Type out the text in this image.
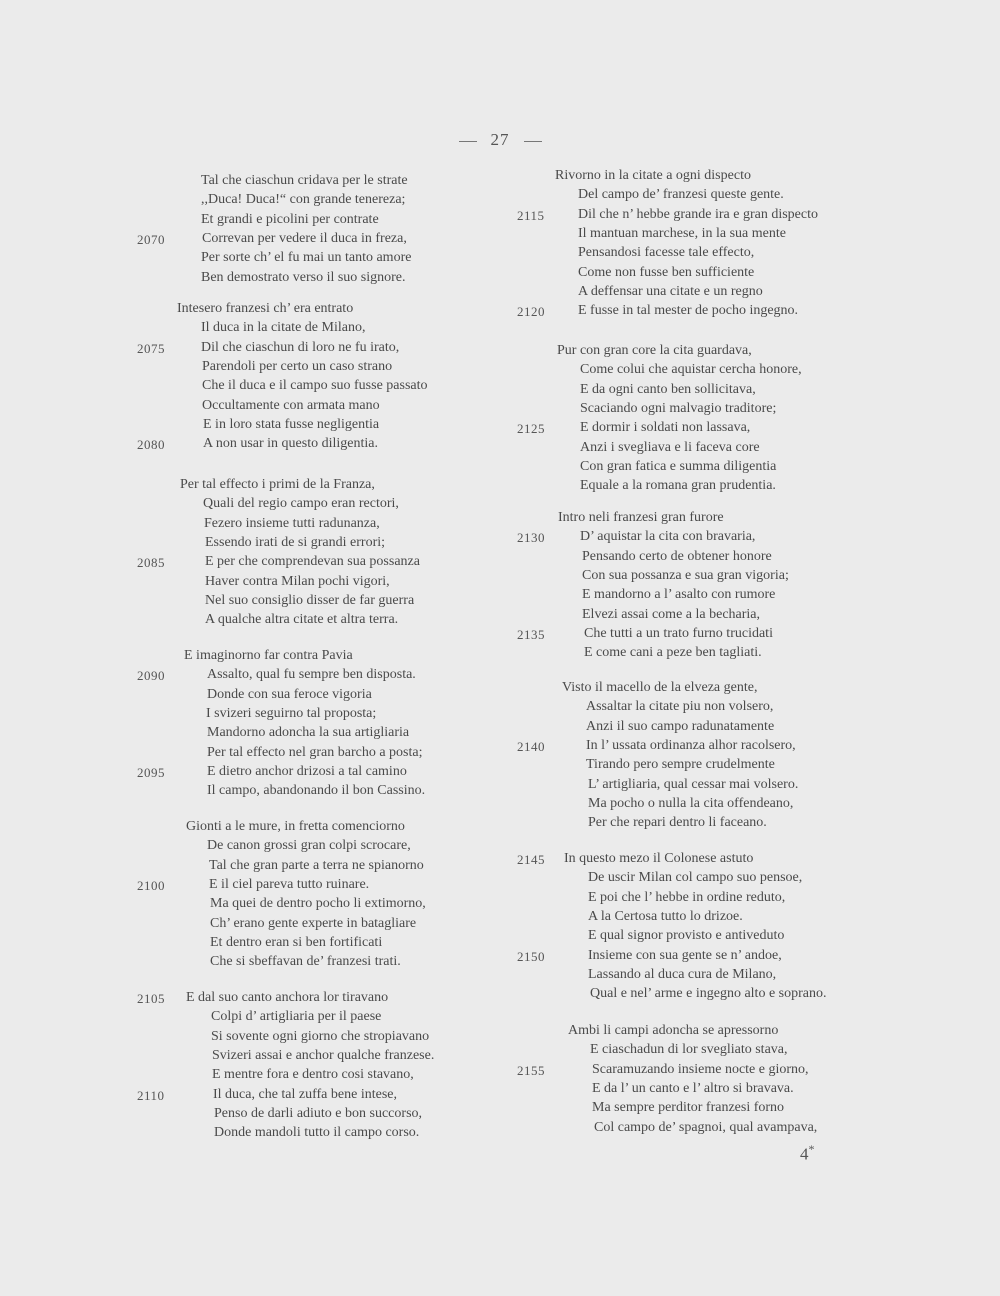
27
Tal che ciaschun cridava per le strate
,,Duca! Duca!“ con grande tenereza;
Et grandi e picolini per contrate
Correvan per vedere il duca in freza,
Per sorte ch’ el fu mai un tanto amore
Ben demostrato verso il suo signore.
Intesero franzesi ch’ era entrato
Il duca in la citate de Milano,
Dil che ciaschun di loro ne fu irato,
Parendoli per certo un caso strano
Che il duca e il campo suo fusse passato
Occultamente con armata mano
E in loro stata fusse negligentia
A non usar in questo diligentia.
Per tal effecto i primi de la Franza,
Quali del regio campo eran rectori,
Fezero insieme tutti radunanza,
Essendo irati de si grandi errori;
E per che comprendevan sua possanza
Haver contra Milan pochi vigori,
Nel suo consiglio disser de far guerra
A qualche altra citate et altra terra.
E imaginorno far contra Pavia
Assalto, qual fu sempre ben disposta.
Donde con sua feroce vigoria
I svizeri seguirno tal proposta;
Mandorno adoncha la sua artigliaria
Per tal effecto nel gran barcho a posta;
E dietro anchor drizosi a tal camino
Il campo, abandonando il bon Cassino.
Gionti a le mure, in fretta comenciorno
De canon grossi gran colpi scrocare,
Tal che gran parte a terra ne spianorno
E il ciel pareva tutto ruinare.
Ma quei de dentro pocho li extimorno,
Ch’ erano gente experte in batagliare
Et dentro eran si ben fortificati
Che si sbeffavan de’ franzesi trati.
E dal suo canto anchora lor tiravano
Colpi d’ artigliaria per il paese
Si sovente ogni giorno che stropiavano
Svizeri assai e anchor qualche franzese.
E mentre fora e dentro cosi stavano,
Il duca, che tal zuffa bene intese,
Penso de darli adiuto e bon succorso,
Donde mandoli tutto il campo corso.
2070
2075
2080
2085
2090
2095
2100
2105
2110
Rivorno in la citate a ogni dispecto
Del campo de’ franzesi queste gente.
Dil che n’ hebbe grande ira e gran dispecto
Il mantuan marchese, in la sua mente
Pensandosi facesse tale effecto,
Come non fusse ben sufficiente
A deffensar una citate e un regno
E fusse in tal mester de pocho ingegno.
Pur con gran core la cita guardava,
Come colui che aquistar cercha honore,
E da ogni canto ben sollicitava,
Scaciando ogni malvagio traditore;
E dormir i soldati non lassava,
Anzi i svegliava e li faceva core
Con gran fatica e summa diligentia
Equale a la romana gran prudentia.
Intro neli franzesi gran furore
D’ aquistar la cita con bravaria,
Pensando certo de obtener honore
Con sua possanza e sua gran vigoria;
E mandorno a l’ asalto con rumore
Elvezi assai come a la becharia,
Che tutti a un trato furno trucidati
E come cani a peze ben tagliati.
Visto il macello de la elveza gente,
Assaltar la citate piu non volsero,
Anzi il suo campo radunatamente
In l’ ussata ordinanza alhor racolsero,
Tirando pero sempre crudelmente
L’ artigliaria, qual cessar mai volsero.
Ma pocho o nulla la cita offendeano,
Per che repari dentro li faceano.
In questo mezo il Colonese astuto
De uscir Milan col campo suo pensoe,
E poi che l’ hebbe in ordine reduto,
A la Certosa tutto lo drizoe.
E qual signor provisto e antiveduto
Insieme con sua gente se n’ andoe,
Lassando al duca cura de Milano,
Qual e nel’ arme e ingegno alto e soprano.
Ambi li campi adoncha se apressorno
E ciaschadun di lor svegliato stava,
Scaramuzando insieme nocte e giorno,
E da l’ un canto e l’ altro si bravava.
Ma sempre perditor franzesi forno
Col campo de’ spagnoi, qual avampava,
2115
2120
2125
2130
2135
2140
2145
2150
2155
4*
